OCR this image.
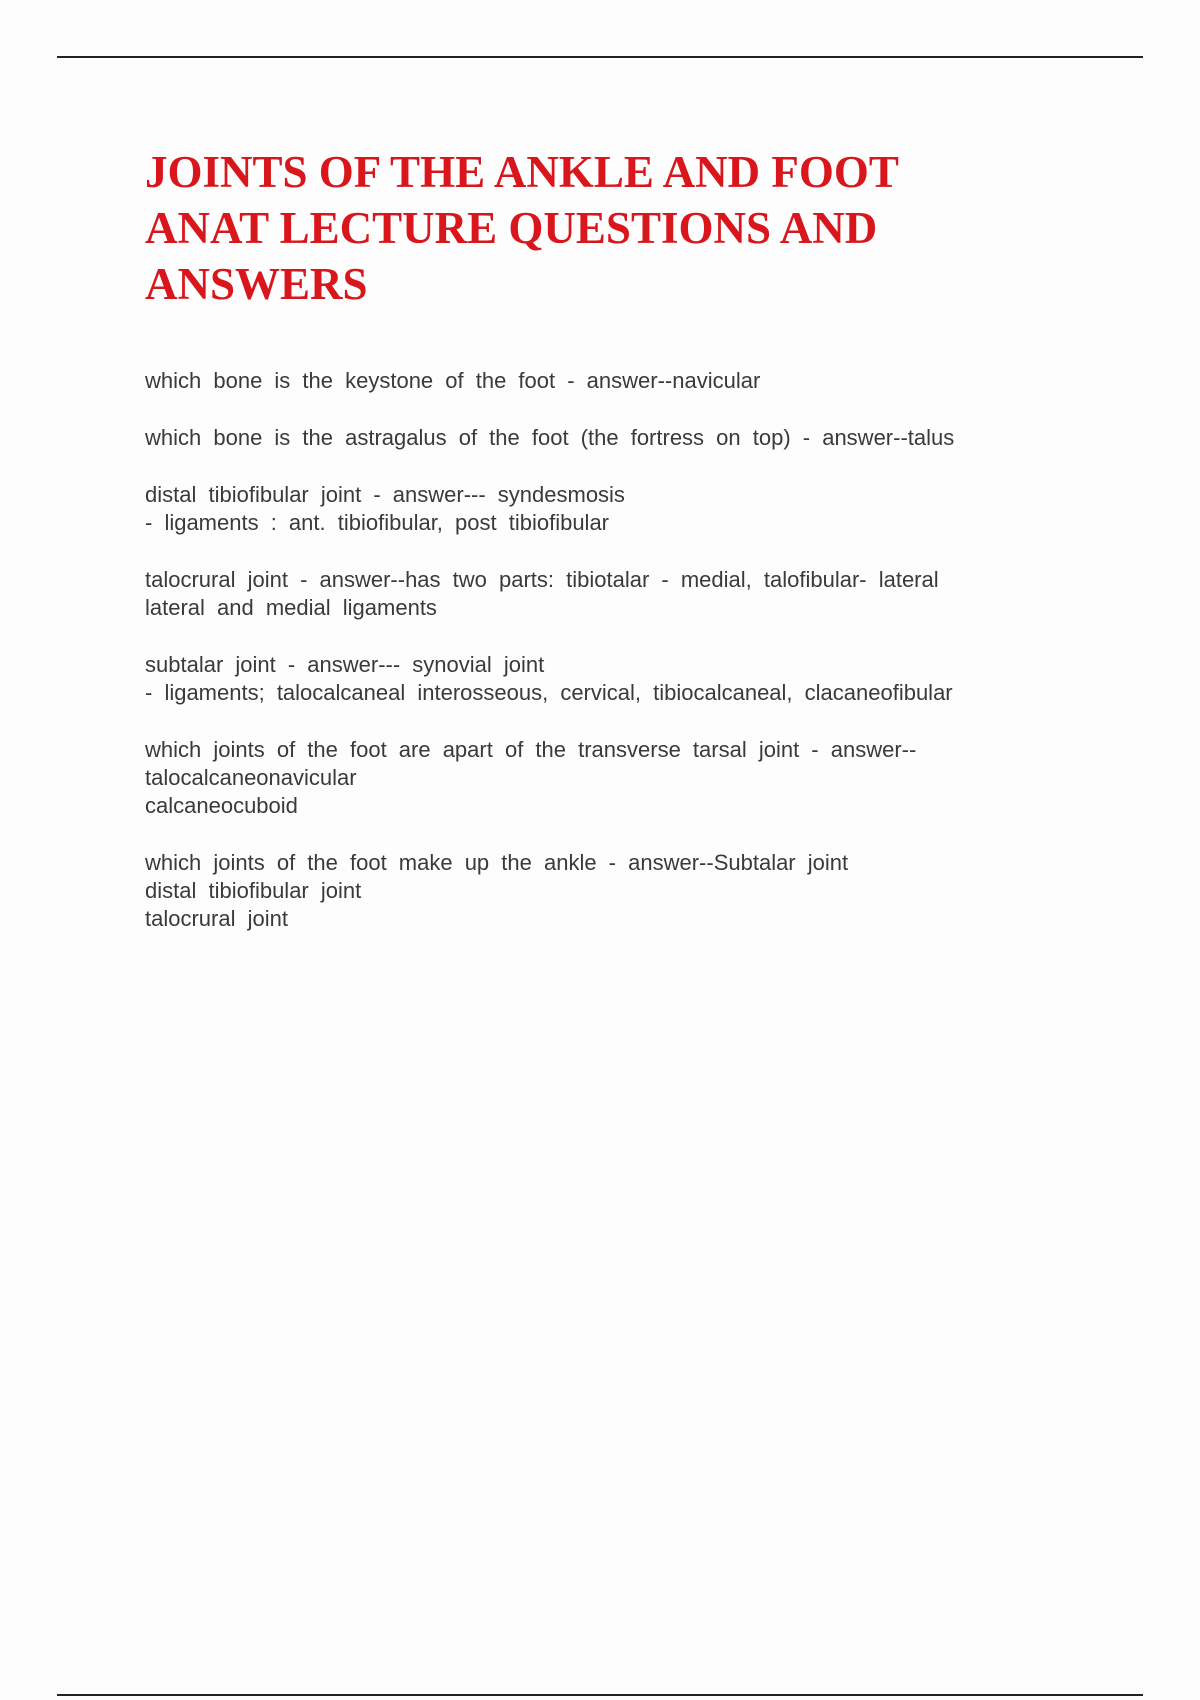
JOINTS OF THE ANKLE AND FOOT
ANAT LECTURE QUESTIONS AND
ANSWERS

which bone is the keystone of the foot - answer--navicular

which bone is the astragalus of the foot (the fortress on top) - answer--talus

distal tibiofibular joint - answer--- syndesmosis
- ligaments : ant. tibiofibular, post tibiofibular

talocrural joint - answer--has two parts: tibiotalar - medial, talofibular- lateral
lateral and medial ligaments

subtalar joint - answer--- synovial joint
- ligaments; talocalcaneal interosseous, cervical, tibiocalcaneal, clacaneofibular

which joints of the foot are apart of the transverse tarsal joint - answer--
talocalcaneonavicular
calcaneocuboid

which joints of the foot make up the ankle - answer--Subtalar joint
distal tibiofibular joint
talocrural joint
